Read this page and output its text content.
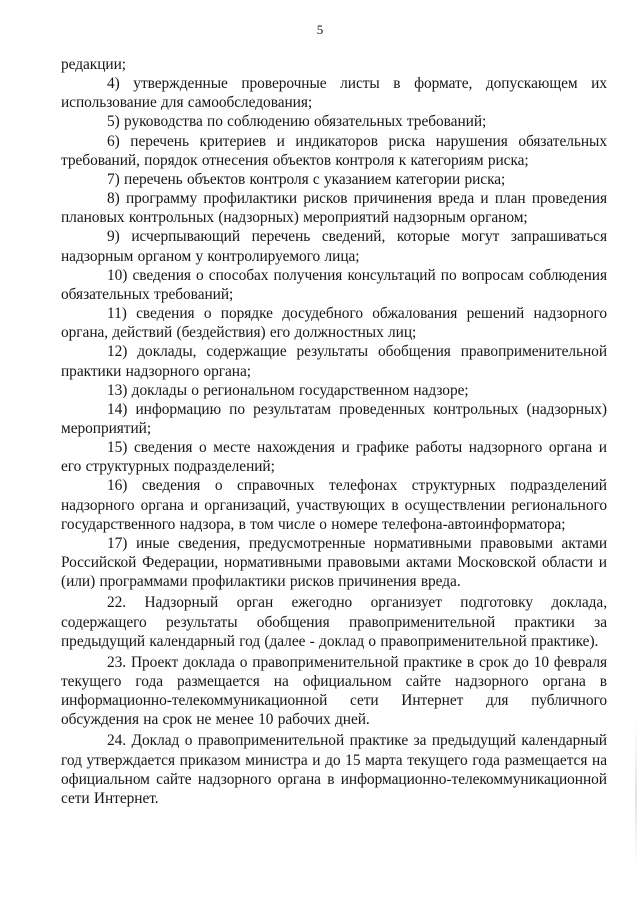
5

редакции;

4) утвержденные проверочные листы в формате, допускающем их использование для самообследования;

5) руководства по соблюдению обязательных требований;

6) перечень критериев и индикаторов риска нарушения обязательных требований, порядок отнесения объектов контроля к категориям риска;

7) перечень объектов контроля с указанием категории риска;

8) программу профилактики рисков причинения вреда и план проведения плановых контрольных (надзорных) мероприятий надзорным органом;

9) исчерпывающий перечень сведений, которые могут запрашиваться надзорным органом у контролируемого лица;

10) сведения о способах получения консультаций по вопросам соблюдения обязательных требований;

11) сведения о порядке досудебного обжалования решений надзорного органа, действий (бездействия) его должностных лиц;

12) доклады, содержащие результаты обобщения правоприменительной практики надзорного органа;

13) доклады о региональном государственном надзоре;

14) информацию по результатам проведенных контрольных (надзорных) мероприятий;

15) сведения о месте нахождения и графике работы надзорного органа и его структурных подразделений;

16) сведения о справочных телефонах структурных подразделений надзорного органа и организаций, участвующих в осуществлении регионального государственного надзора, в том числе о номере телефона-автоинформатора;

17) иные сведения, предусмотренные нормативными правовыми актами Российской Федерации, нормативными правовыми актами Московской области и (или) программами профилактики рисков причинения вреда.

22. Надзорный орган ежегодно организует подготовку доклада, содержащего результаты обобщения правоприменительной практики за предыдущий календарный год (далее - доклад о правоприменительной практике).

23. Проект доклада о правоприменительной практике в срок до 10 февраля текущего года размещается на официальном сайте надзорного органа в информационно-телекоммуникационной сети Интернет для публичного обсуждения на срок не менее 10 рабочих дней.

24. Доклад о правоприменительной практике за предыдущий календарный год утверждается приказом министра и до 15 марта текущего года размещается на официальном сайте надзорного органа в информационно-телекоммуникационной сети Интернет.
